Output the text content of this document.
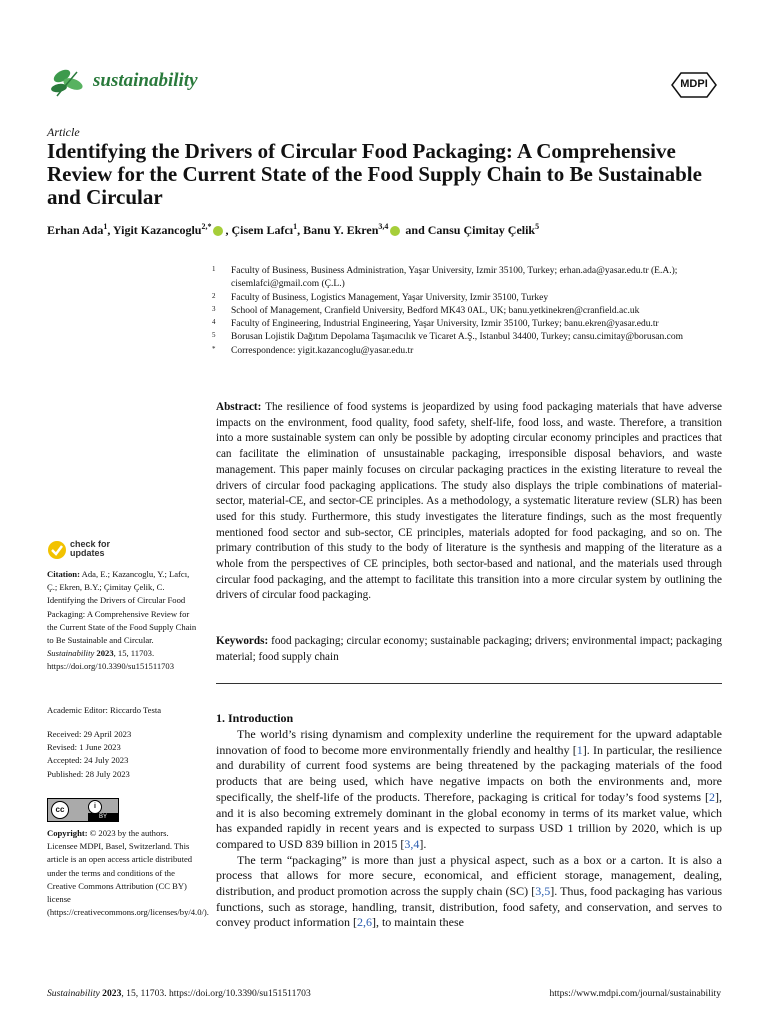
sustainability	MDPI
Article
Identifying the Drivers of Circular Food Packaging: A Comprehensive Review for the Current State of the Food Supply Chain to Be Sustainable and Circular
Erhan Ada$^1$, Yigit Kazancoglu$^{2,*}$ , Çisem Lafcı$^1$, Banu Y. Ekren$^{3,4}$ and Cansu Çimitay Çelik$^5$
1	Faculty of Business, Business Administration, Yaşar University, Izmir 35100, Turkey; erhan.ada@yasar.edu.tr (E.A.); cisemlafci@gmail.com (Ç.L.)
2	Faculty of Business, Logistics Management, Yaşar University, Izmir 35100, Turkey
3	School of Management, Cranfield University, Bedford MK43 0AL, UK; banu.yetkinekren@cranfield.ac.uk
4	Faculty of Engineering, Industrial Engineering, Yaşar University, Izmir 35100, Turkey; banu.ekren@yasar.edu.tr
5	Borusan Lojistik Dağıtım Depolama Taşımacılık ve Ticaret A.Ş., Istanbul 34400, Turkey; cansu.cimitay@borusan.com
*	Correspondence: yigit.kazancoglu@yasar.edu.tr
Abstract: The resilience of food systems is jeopardized by using food packaging materials that have adverse impacts on the environment, food quality, food safety, shelf-life, food loss, and waste. Therefore, a transition into a more sustainable system can only be possible by adopting circular economy principles and practices that can facilitate the elimination of unsustainable packaging, irresponsible disposal behaviors, and waste management. This paper mainly focuses on circular packaging practices in the existing literature to reveal the drivers of circular food packaging applications. The study also displays the triple combinations of material-sector, material-CE, and sector-CE principles. As a methodology, a systematic literature review (SLR) has been used for this study. Furthermore, this study investigates the literature findings, such as the most frequently mentioned food sector and sub-sector, CE principles, materials adopted for food packaging, and so on. The primary contribution of this study to the body of literature is the synthesis and mapping of the literature as a whole from the perspectives of CE principles, both sector-based and national, and the materials used through circular food packaging, and the attempt to facilitate this transition into a more circular system by outlining the drivers of circular food packaging.
Keywords: food packaging; circular economy; sustainable packaging; drivers; environmental impact; packaging material; food supply chain
1. Introduction

The world’s rising dynamism and complexity underline the requirement for the upward adaptable innovation of food to become more environmentally friendly and healthy [1]. In particular, the resilience and durability of current food systems are being threatened by the packaging materials of the food products that are being used, which have negative impacts on both the environments and, more specifically, the shelf-life of the products. Therefore, packaging is critical for today’s food systems [2], and it is also becoming extremely dominant in the global economy in terms of its market value, which has expanded rapidly in recent years and is expected to surpass USD 1 trillion by 2020, which is up compared to USD 839 billion in 2015 [3,4].

The term “packaging” is more than just a physical aspect, such as a box or a carton. It is also a process that allows for more secure, economical, and efficient storage, management, dealing, distribution, and product promotion across the supply chain (SC) [3,5]. Thus, food packaging has various functions, such as storage, handling, transit, distribution, food safety, and conservation, and serves to convey product information [2,6], to maintain these

check for
updates
Citation: Ada, E.; Kazancoglu, Y.; Lafcı, Ç.; Ekren, B.Y.; Çimitay Çelik, C. Identifying the Drivers of Circular Food Packaging: A Comprehensive Review for the Current State of the Food Supply Chain to Be Sustainable and Circular. Sustainability 2023, 15, 11703. https://doi.org/10.3390/su151511703
Academic Editor: Riccardo Testa
Received: 29 April 2023
Revised: 1 June 2023
Accepted: 24 July 2023
Published: 28 July 2023
cc	i
BY
Copyright: © 2023 by the authors. Licensee MDPI, Basel, Switzerland. This article is an open access article distributed under the terms and conditions of the Creative Commons Attribution (CC BY) license (https://creativecommons.org/licenses/by/4.0/).
Sustainability 2023, 15, 11703. https://doi.org/10.3390/su151511703	https://www.mdpi.com/journal/sustainability
